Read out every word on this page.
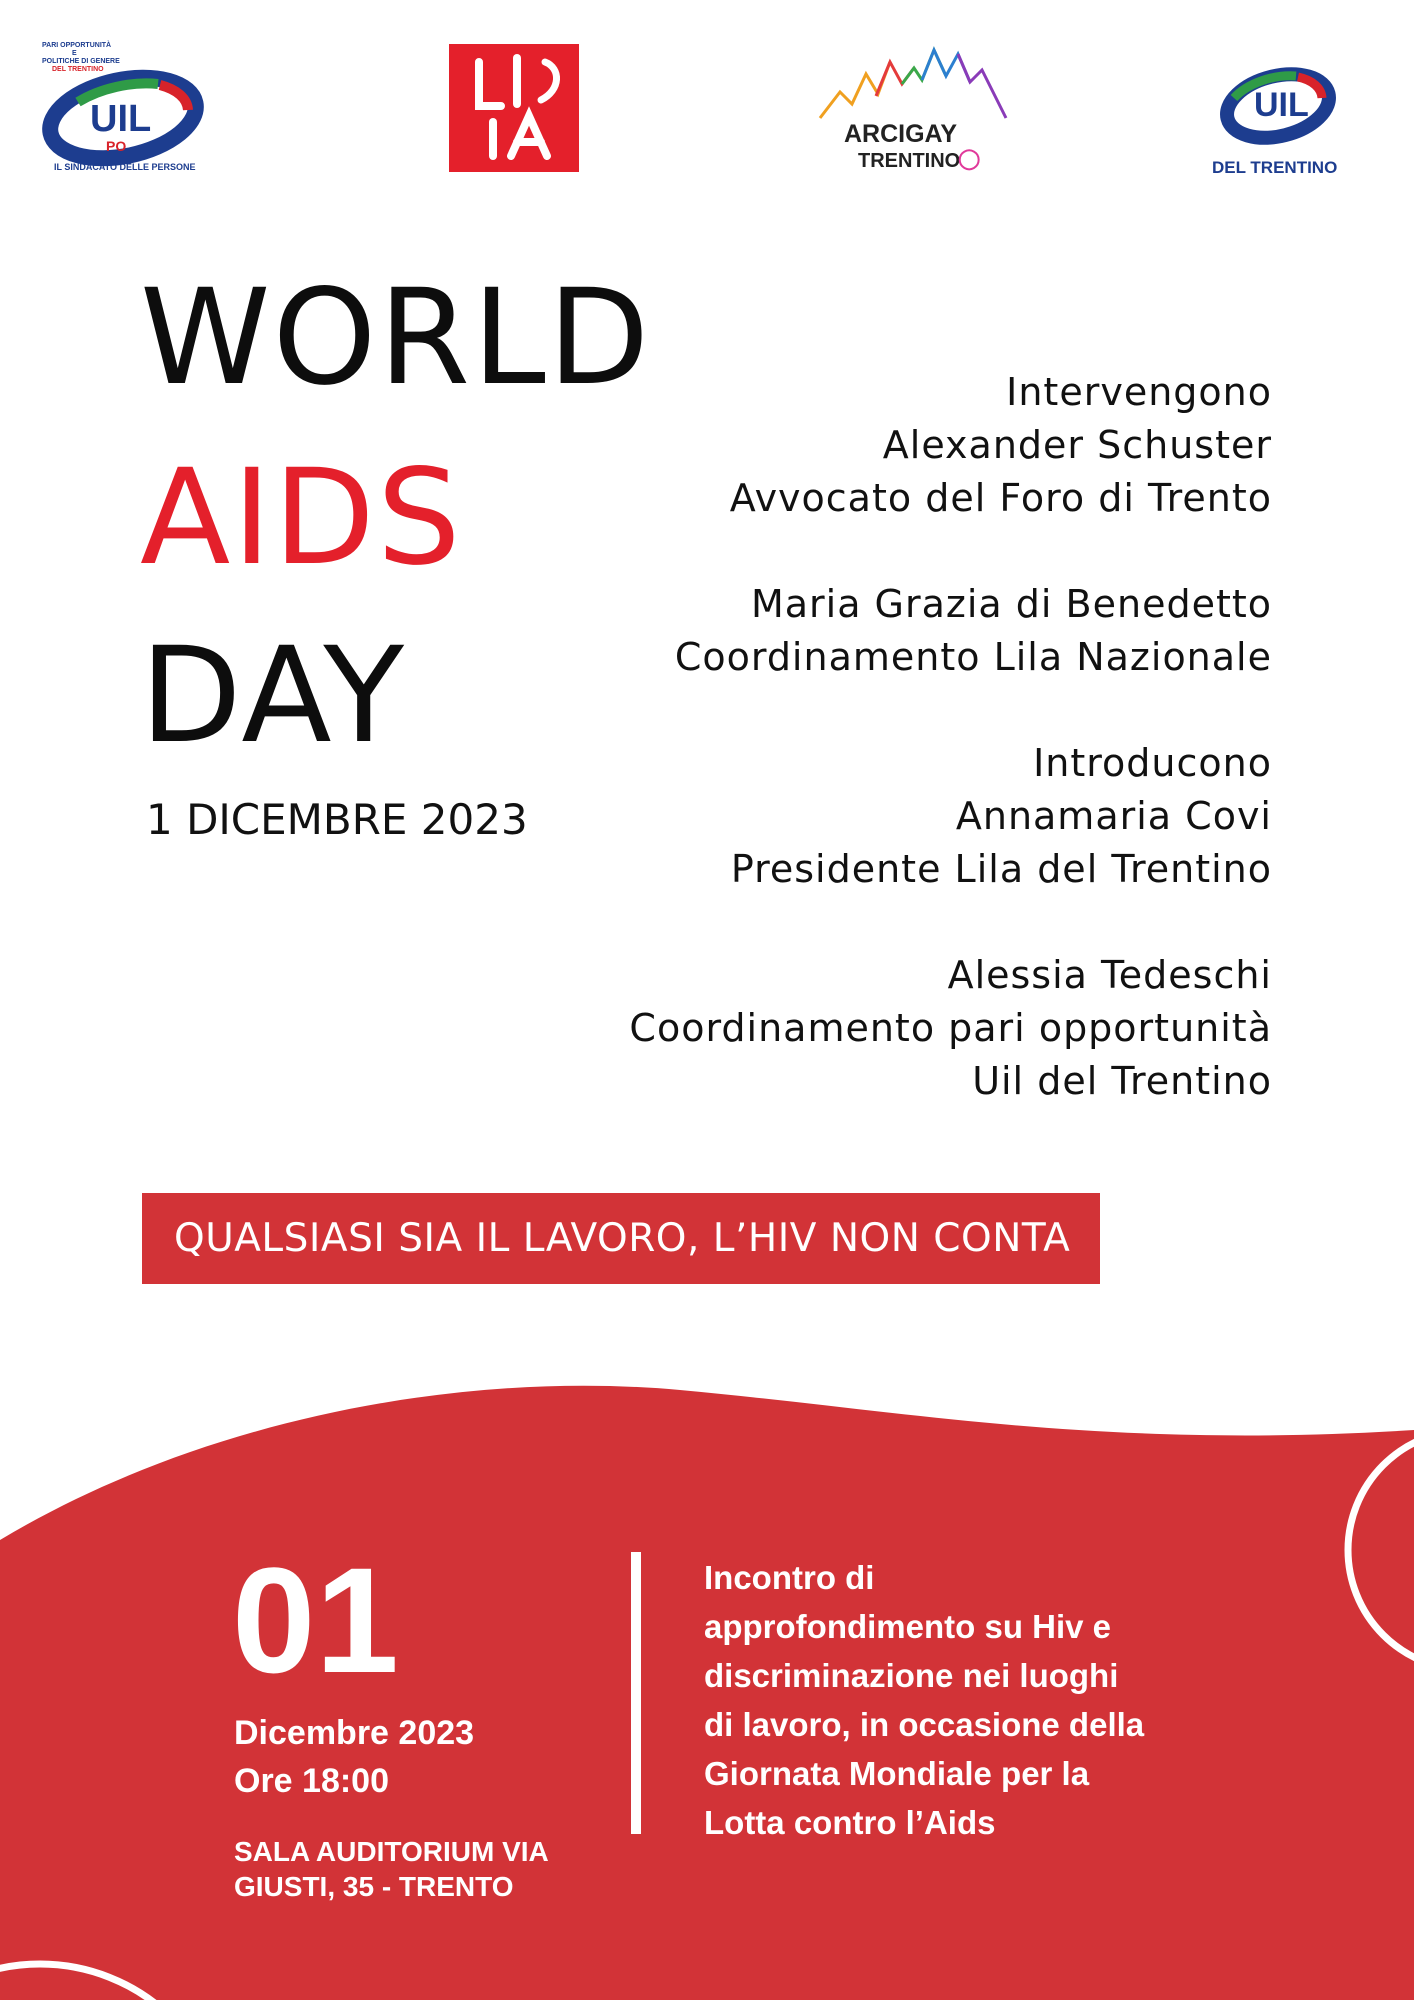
PARI OPPORTUNITÀ
E
POLITICHE DI GENERE
DEL TRENTINO
UIL
PO
IL SINDACATO DELLE PERSONE
ARCIGAY
TRENTINO
◯
UIL
DEL TRENTINO
WORLD
AIDS
DAY
1 DICEMBRE 2023
Intervengono
Alexander Schuster
Avvocato del Foro di Trento
Maria Grazia di Benedetto
Coordinamento Lila Nazionale
Introducono
Annamaria Covi
Presidente Lila del Trentino
Alessia Tedeschi
Coordinamento pari opportunità
Uil del Trentino
QUALSIASI SIA IL LAVORO, L’HIV NON CONTA
01
Dicembre 2023
Ore 18:00
SALA AUDITORIUM VIA
GIUSTI, 35 - TRENTO
Incontro di
approfondimento su Hiv e
discriminazione nei luoghi
di lavoro, in occasione della
Giornata Mondiale per la
Lotta contro l’Aids
